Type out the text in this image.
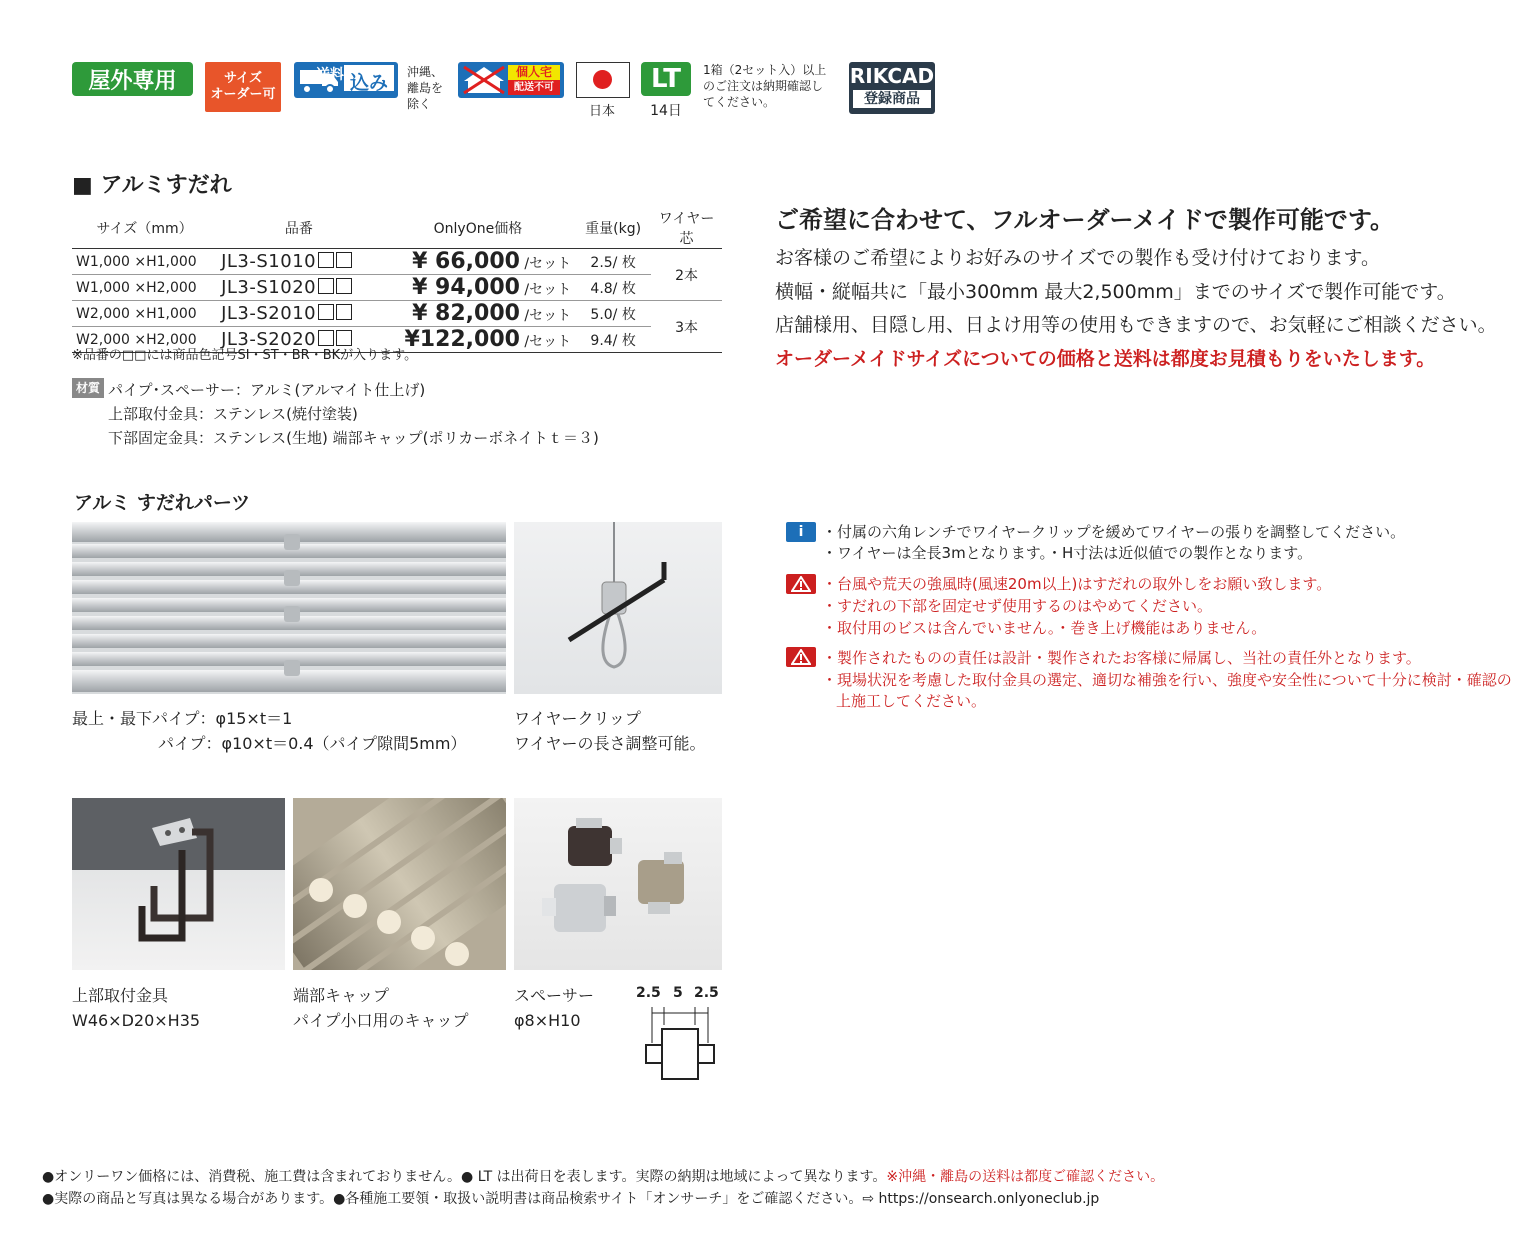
屋外専用	サイズ
オーダー可
送料 込み 沖縄、
離島を
除く
個人宅
配送不可
日本
LT
14日
1箱（2セット入）以上
のご注文は納期確認し
てください。
RIKCAD
登録商品
■ アルミすだれ
サイズ（mm）	品番	OnlyOne価格	重量(kg)	ワイヤー芯
W1,000 ×H1,000	JL3-S1010	¥ 66,000 /セット	2.5/ 枚	2本
W1,000 ×H2,000	JL3-S1020	¥ 94,000 /セット	4.8/ 枚	
W2,000 ×H1,000	JL3-S2010	¥ 82,000 /セット	5.0/ 枚	3本
W2,000 ×H2,000	JL3-S2020	¥122,000 /セット	9.4/ 枚	
※品番の□□には商品色記号SI・ST・BR・BKが入ります。
材質 パイプ･スペーサー：アルミ(アルマイト仕上げ)
上部取付金具：ステンレス(焼付塗装)
下部固定金具：ステンレス(生地) 端部キャップ(ポリカーボネイトｔ＝３)
アルミ すだれパーツ
最上・最下パイプ：φ15×t＝1
パイプ：φ10×t＝0.4（パイプ隙間5mm）
ワイヤークリップ
ワイヤーの長さ調整可能。
上部取付金具
W46×D20×H35
端部キャップ
パイプ小口用のキャップ
スペーサー
φ8×H10
2.5 5 2.5
ご希望に合わせて、フルオーダーメイドで製作可能です。
お客様のご希望によりお好みのサイズでの製作も受け付けております。
横幅・縦幅共に「最小300mm 最大2,500mm」までのサイズで製作可能です。
店舗様用、目隠し用、日よけ用等の使用もできますので、お気軽にご相談ください。
オーダーメイドサイズについての価格と送料は都度お見積もりをいたします。
i	・付属の六角レンチでワイヤークリップを緩めてワイヤーの張りを調整してください。
・ワイヤーは全長3mとなります。・H寸法は近似値での製作となります。
・台風や荒天の強風時(風速20m以上)はすだれの取外しをお願い致します。
・すだれの下部を固定せず使用するのはやめてください。
・取付用のビスは含んでいません。・巻き上げ機能はありません。
・製作されたものの責任は設計・製作されたお客様に帰属し、当社の責任外となります。
・現場状況を考慮した取付金具の選定、適切な補強を行い、強度や安全性について十分に検討・確認の
上施工してください。
●オンリーワン価格には、消費税、施工費は含まれておりません。● LT は出荷日を表します。実際の納期は地域によって異なります。※沖縄・離島の送料は都度ご確認ください。
●実際の商品と写真は異なる場合があります。●各種施工要領・取扱い説明書は商品検索サイト「オンサーチ」をご確認ください。⇨ https://onsearch.onlyoneclub.jp
